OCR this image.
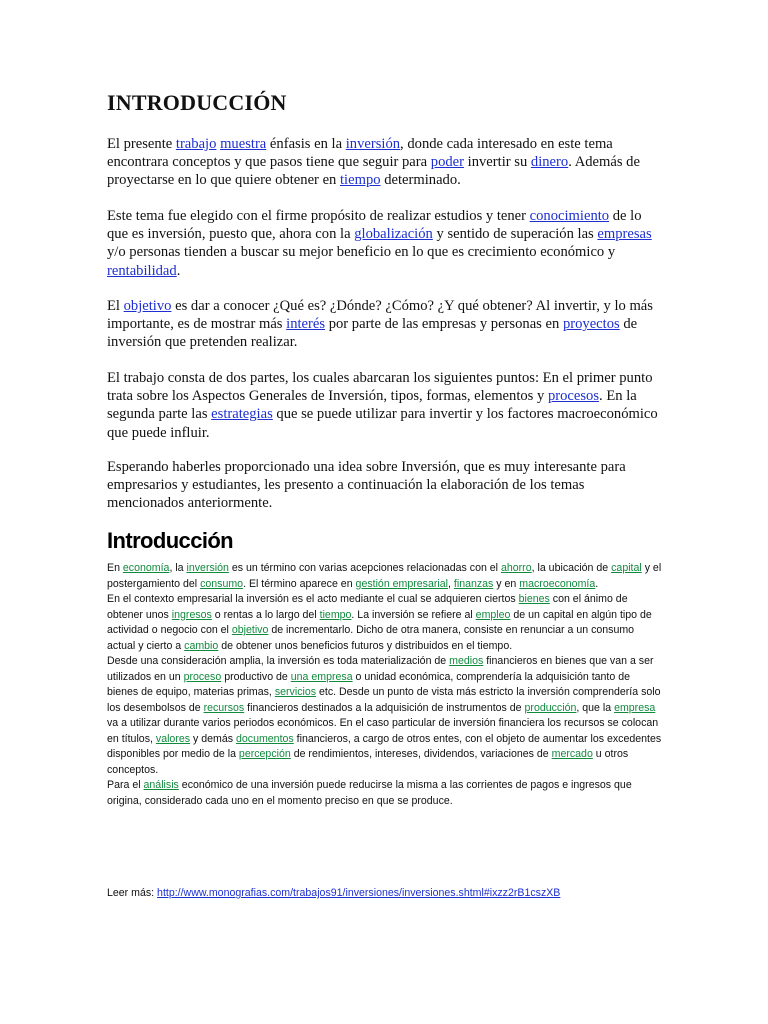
INTRODUCCIÓN

El presente trabajo muestra énfasis en la inversión, donde cada interesado en este tema encontrara conceptos y que pasos tiene que seguir para poder invertir su dinero. Además de proyectarse en lo que quiere obtener en tiempo determinado.

Este tema fue elegido con el firme propósito de realizar estudios y tener conocimiento de lo que es inversión, puesto que, ahora con la globalización y sentido de superación las empresas y/o personas tienden a buscar su mejor beneficio en lo que es crecimiento económico y rentabilidad.

El objetivo es dar a conocer ¿Qué es? ¿Dónde? ¿Cómo? ¿Y qué obtener? Al invertir, y lo más importante, es de mostrar más interés por parte de las empresas y personas en proyectos de inversión que pretenden realizar.

El trabajo consta de dos partes, los cuales abarcaran los siguientes puntos: En el primer punto trata sobre los Aspectos Generales de Inversión, tipos, formas, elementos y procesos. En la segunda parte las estrategias que se puede utilizar para invertir y los factores macroeconómico que puede influir.

Esperando haberles proporcionado una idea sobre Inversión, que es muy interesante para empresarios y estudiantes, les presento a continuación la elaboración de los temas mencionados anteriormente.

Introducción

En economía, la inversión es un término con varias acepciones relacionadas con el ahorro, la ubicación de capital y el postergamiento del consumo. El término aparece en gestión empresarial, finanzas y en macroeconomía.

En el contexto empresarial la inversión es el acto mediante el cual se adquieren ciertos bienes con el ánimo de obtener unos ingresos o rentas a lo largo del tiempo. La inversión se refiere al empleo de un capital en algún tipo de actividad o negocio con el objetivo de incrementarlo. Dicho de otra manera, consiste en renunciar a un consumo actual y cierto a cambio de obtener unos beneficios futuros y distribuidos en el tiempo.

Desde una consideración amplia, la inversión es toda materialización de medios financieros en bienes que van a ser utilizados en un proceso productivo de una empresa o unidad económica, comprendería la adquisición tanto de bienes de equipo, materias primas, servicios etc. Desde un punto de vista más estricto la inversión comprendería solo los desembolsos de recursos financieros destinados a la adquisición de instrumentos de producción, que la empresa va a utilizar durante varios periodos económicos. En el caso particular de inversión financiera los recursos se colocan en títulos, valores y demás documentos financieros, a cargo de otros entes, con el objeto de aumentar los excedentes disponibles por medio de la percepción de rendimientos, intereses, dividendos, variaciones de mercado u otros conceptos.

Para el análisis económico de una inversión puede reducirse la misma a las corrientes de pagos e ingresos que origina, considerado cada uno en el momento preciso en que se produce.

Leer más: http://www.monografias.com/trabajos91/inversiones/inversiones.shtml#ixzz2rB1cszXB
